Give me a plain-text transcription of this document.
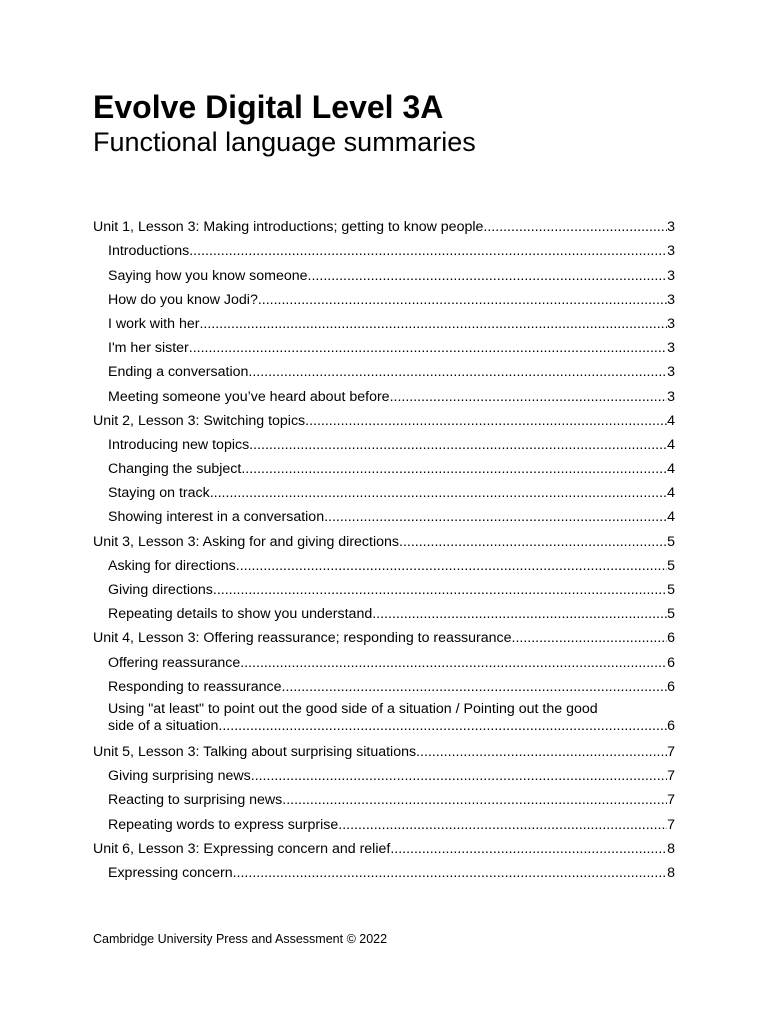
Evolve Digital Level 3A
Functional language summaries
Unit 1, Lesson 3: Making introductions; getting to know people .....	3
Introductions .....	3
Saying how you know someone .....	3
How do you know Jodi? .....	3
I work with her .....	3
I'm her sister .....	3
Ending a conversation .....	3
Meeting someone you’ve heard about before .....	3
Unit 2, Lesson 3: Switching topics .....	4
Introducing new topics .....	4
Changing the subject .....	4
Staying on track .....	4
Showing interest in a conversation .....	4
Unit 3, Lesson 3: Asking for and giving directions .....	5
Asking for directions .....	5
Giving directions .....	5
Repeating details to show you understand .....	5
Unit 4, Lesson 3: Offering reassurance; responding to reassurance .....	6
Offering reassurance .....	6
Responding to reassurance .....	6
Using "at least" to point out the good side of a situation / Pointing out the good
side of a situation .....	6
Unit 5, Lesson 3: Talking about surprising situations .....	7
Giving surprising news .....	7
Reacting to surprising news .....	7
Repeating words to express surprise .....	7
Unit 6, Lesson 3: Expressing concern and relief .....	8
Expressing concern .....	8

Cambridge University Press and Assessment © 2022
